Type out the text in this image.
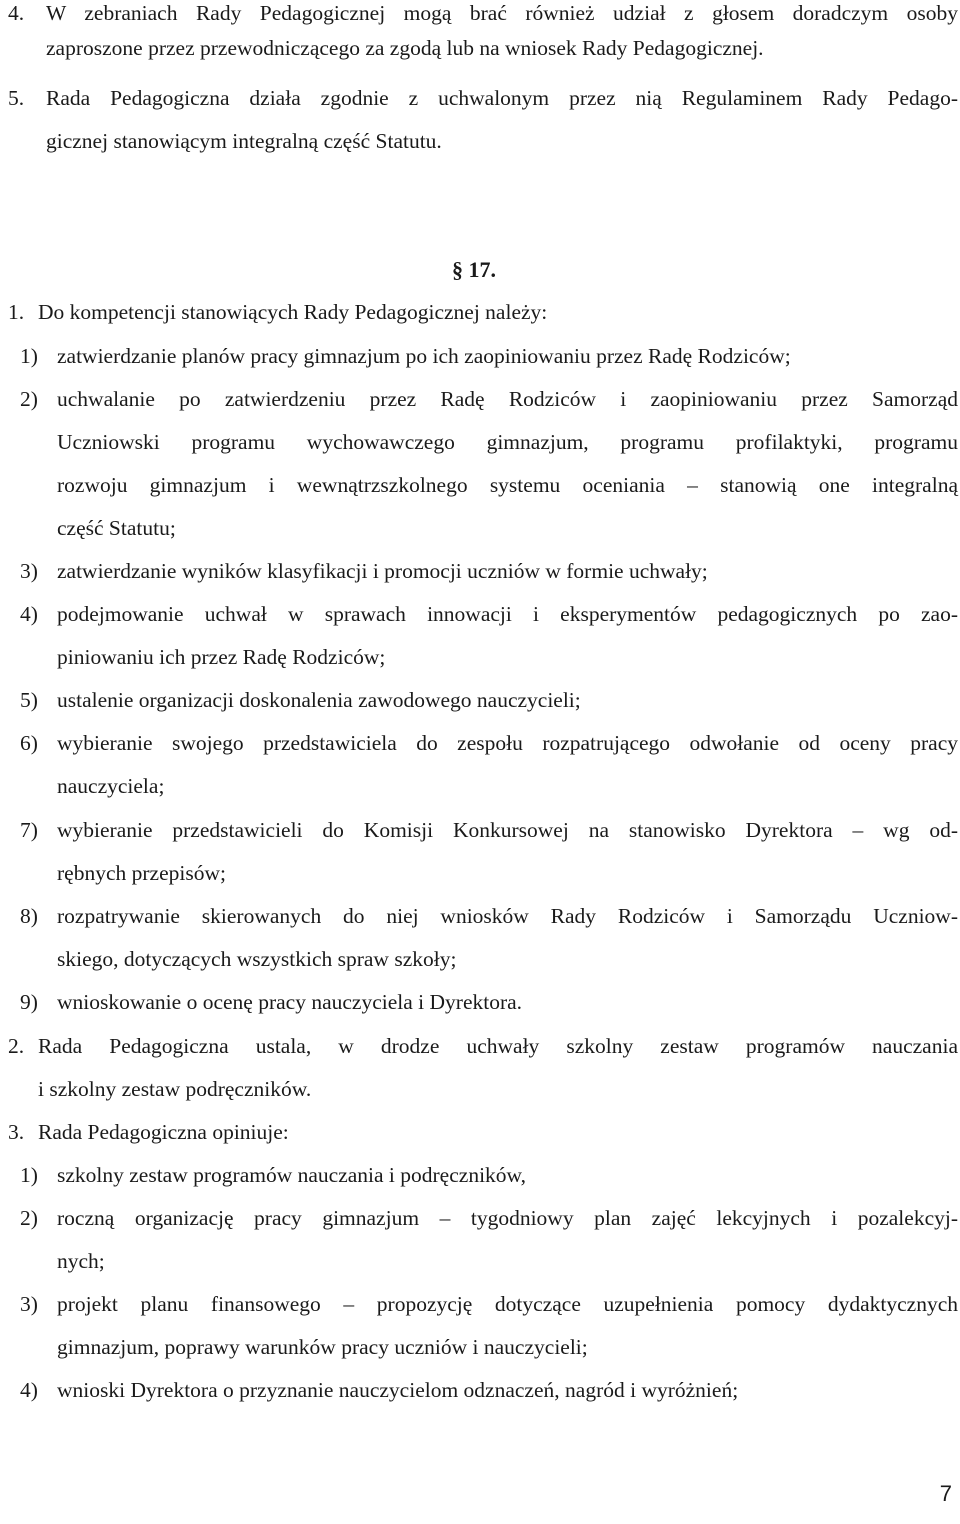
4. W zebraniach Rady Pedagogicznej mogą brać również udział z głosem doradczym osoby
zaproszone przez przewodniczącego za zgodą lub na wniosek Rady Pedagogicznej.
5. Rada Pedagogiczna działa zgodnie z uchwalonym przez nią Regulaminem Rady Pedago-
gicznej stanowiącym integralną część Statutu.
§ 17.
1. Do kompetencji stanowiących Rady Pedagogicznej należy:
1) zatwierdzanie planów pracy gimnazjum po ich zaopiniowaniu przez Radę Rodziców;
2) uchwalanie po zatwierdzeniu przez Radę Rodziców i zaopiniowaniu przez Samorząd
Uczniowski programu wychowawczego gimnazjum, programu profilaktyki, programu
rozwoju gimnazjum i wewnątrzszkolnego systemu oceniania – stanowią one integralną
część Statutu;
3) zatwierdzanie wyników klasyfikacji i promocji uczniów w formie uchwały;
4) podejmowanie uchwał w sprawach innowacji i eksperymentów pedagogicznych po zao-
piniowaniu ich przez Radę Rodziców;
5) ustalenie organizacji doskonalenia zawodowego nauczycieli;
6) wybieranie swojego przedstawiciela do zespołu rozpatrującego odwołanie od oceny pracy
nauczyciela;
7) wybieranie przedstawicieli do Komisji Konkursowej na stanowisko Dyrektora – wg od-
rębnych przepisów;
8) rozpatrywanie skierowanych do niej wniosków Rady Rodziców i Samorządu Uczniow-
skiego, dotyczących wszystkich spraw szkoły;
9) wnioskowanie o ocenę pracy nauczyciela i Dyrektora.
2. Rada Pedagogiczna ustala, w drodze uchwały szkolny zestaw programów nauczania
i szkolny zestaw podręczników.
3. Rada Pedagogiczna opiniuje:
1) szkolny zestaw programów nauczania i podręczników,
2) roczną organizację pracy gimnazjum – tygodniowy plan zajęć lekcyjnych i pozalekcyj-
nych;
3) projekt planu finansowego – propozycję dotyczące uzupełnienia pomocy dydaktycznych
gimnazjum, poprawy warunków pracy uczniów i nauczycieli;
4) wnioski Dyrektora o przyznanie nauczycielom odznaczeń, nagród i wyróżnień;
7
